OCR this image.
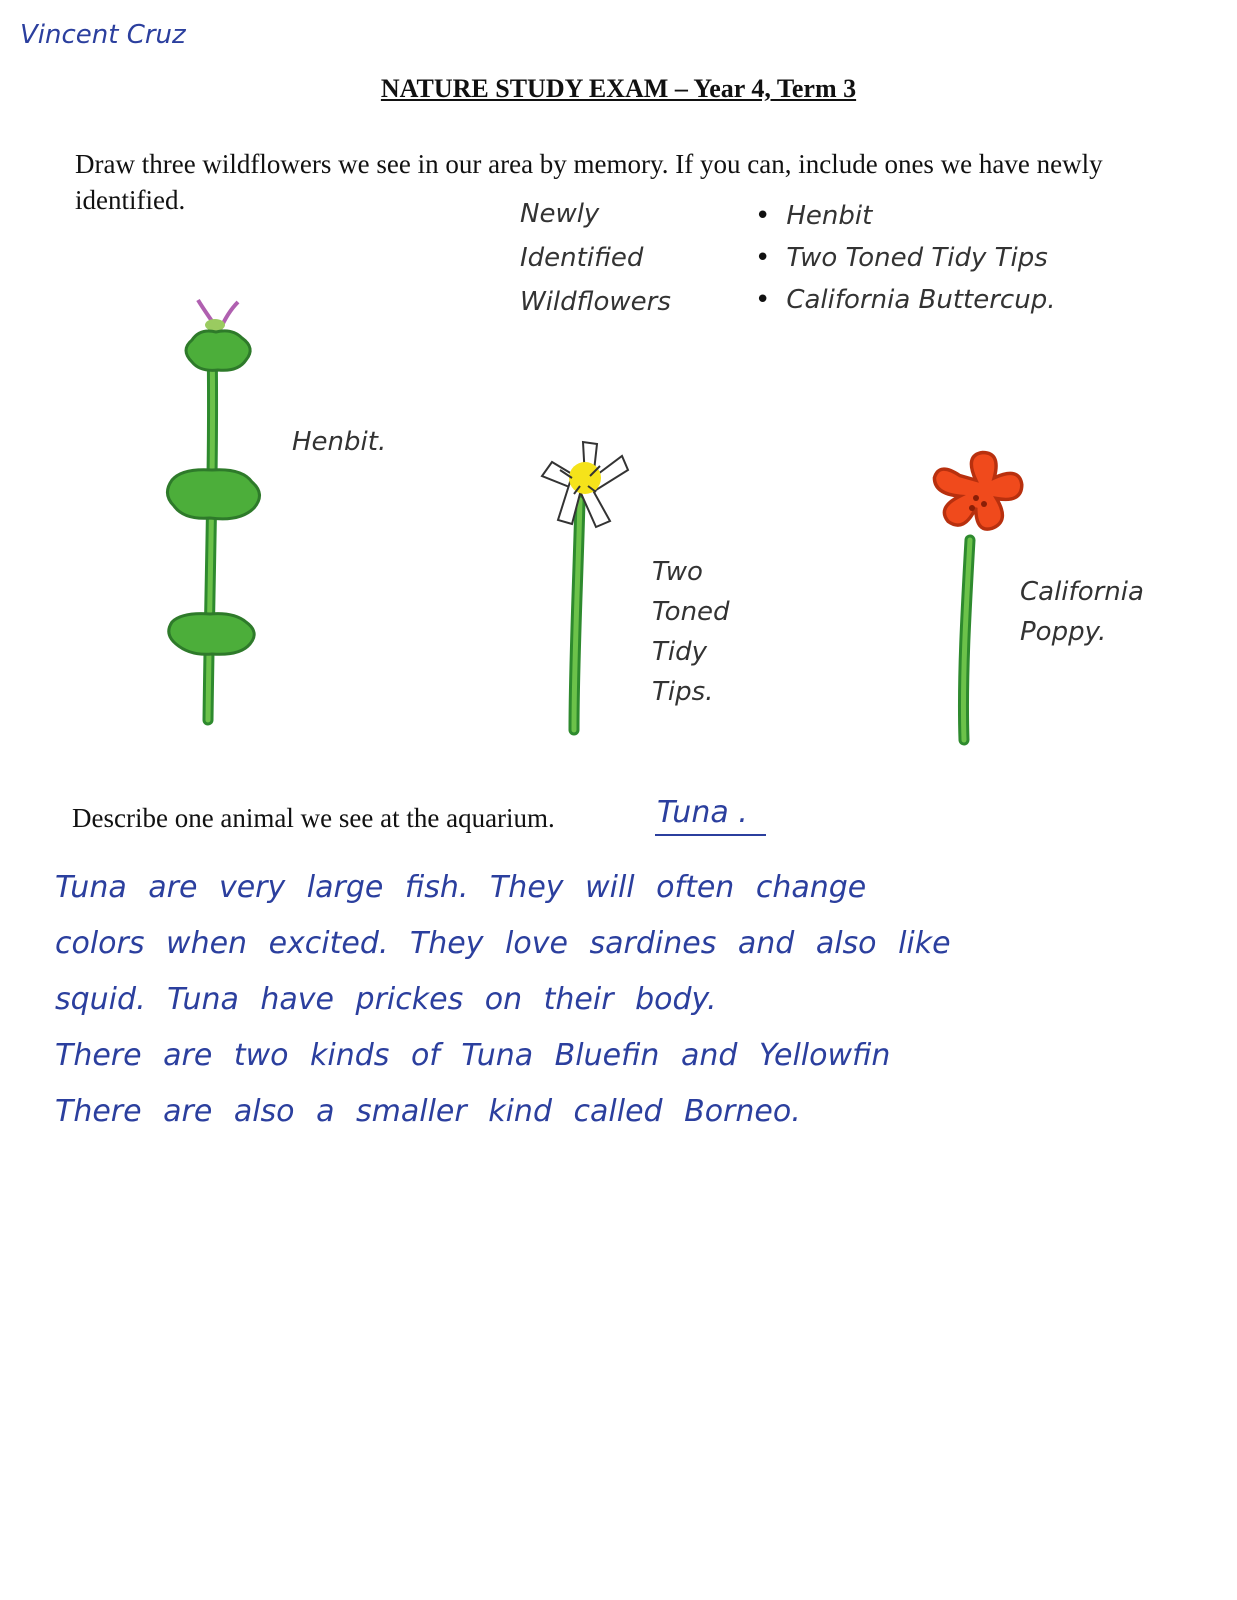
Vincent Cruz
NATURE STUDY EXAM – Year 4, Term 3
Draw three wildflowers we see in our area by memory. If you can, include ones we have newly identified.	Newly
Identified
Wildflowers
• Henbit
• Two Toned Tidy Tips
• California Buttercup.
Henbit.
Two
Toned
Tidy
Tips.
California
Poppy.
Describe one animal we see at the aquarium.	Tuna .

Tuna are very large fish. They will often change

colors when excited. They love sardines and also like

squid. Tuna have prickes on their body.

There are two kinds of Tuna Bluefin and Yellowfin

There are also a smaller kind called Borneo.
